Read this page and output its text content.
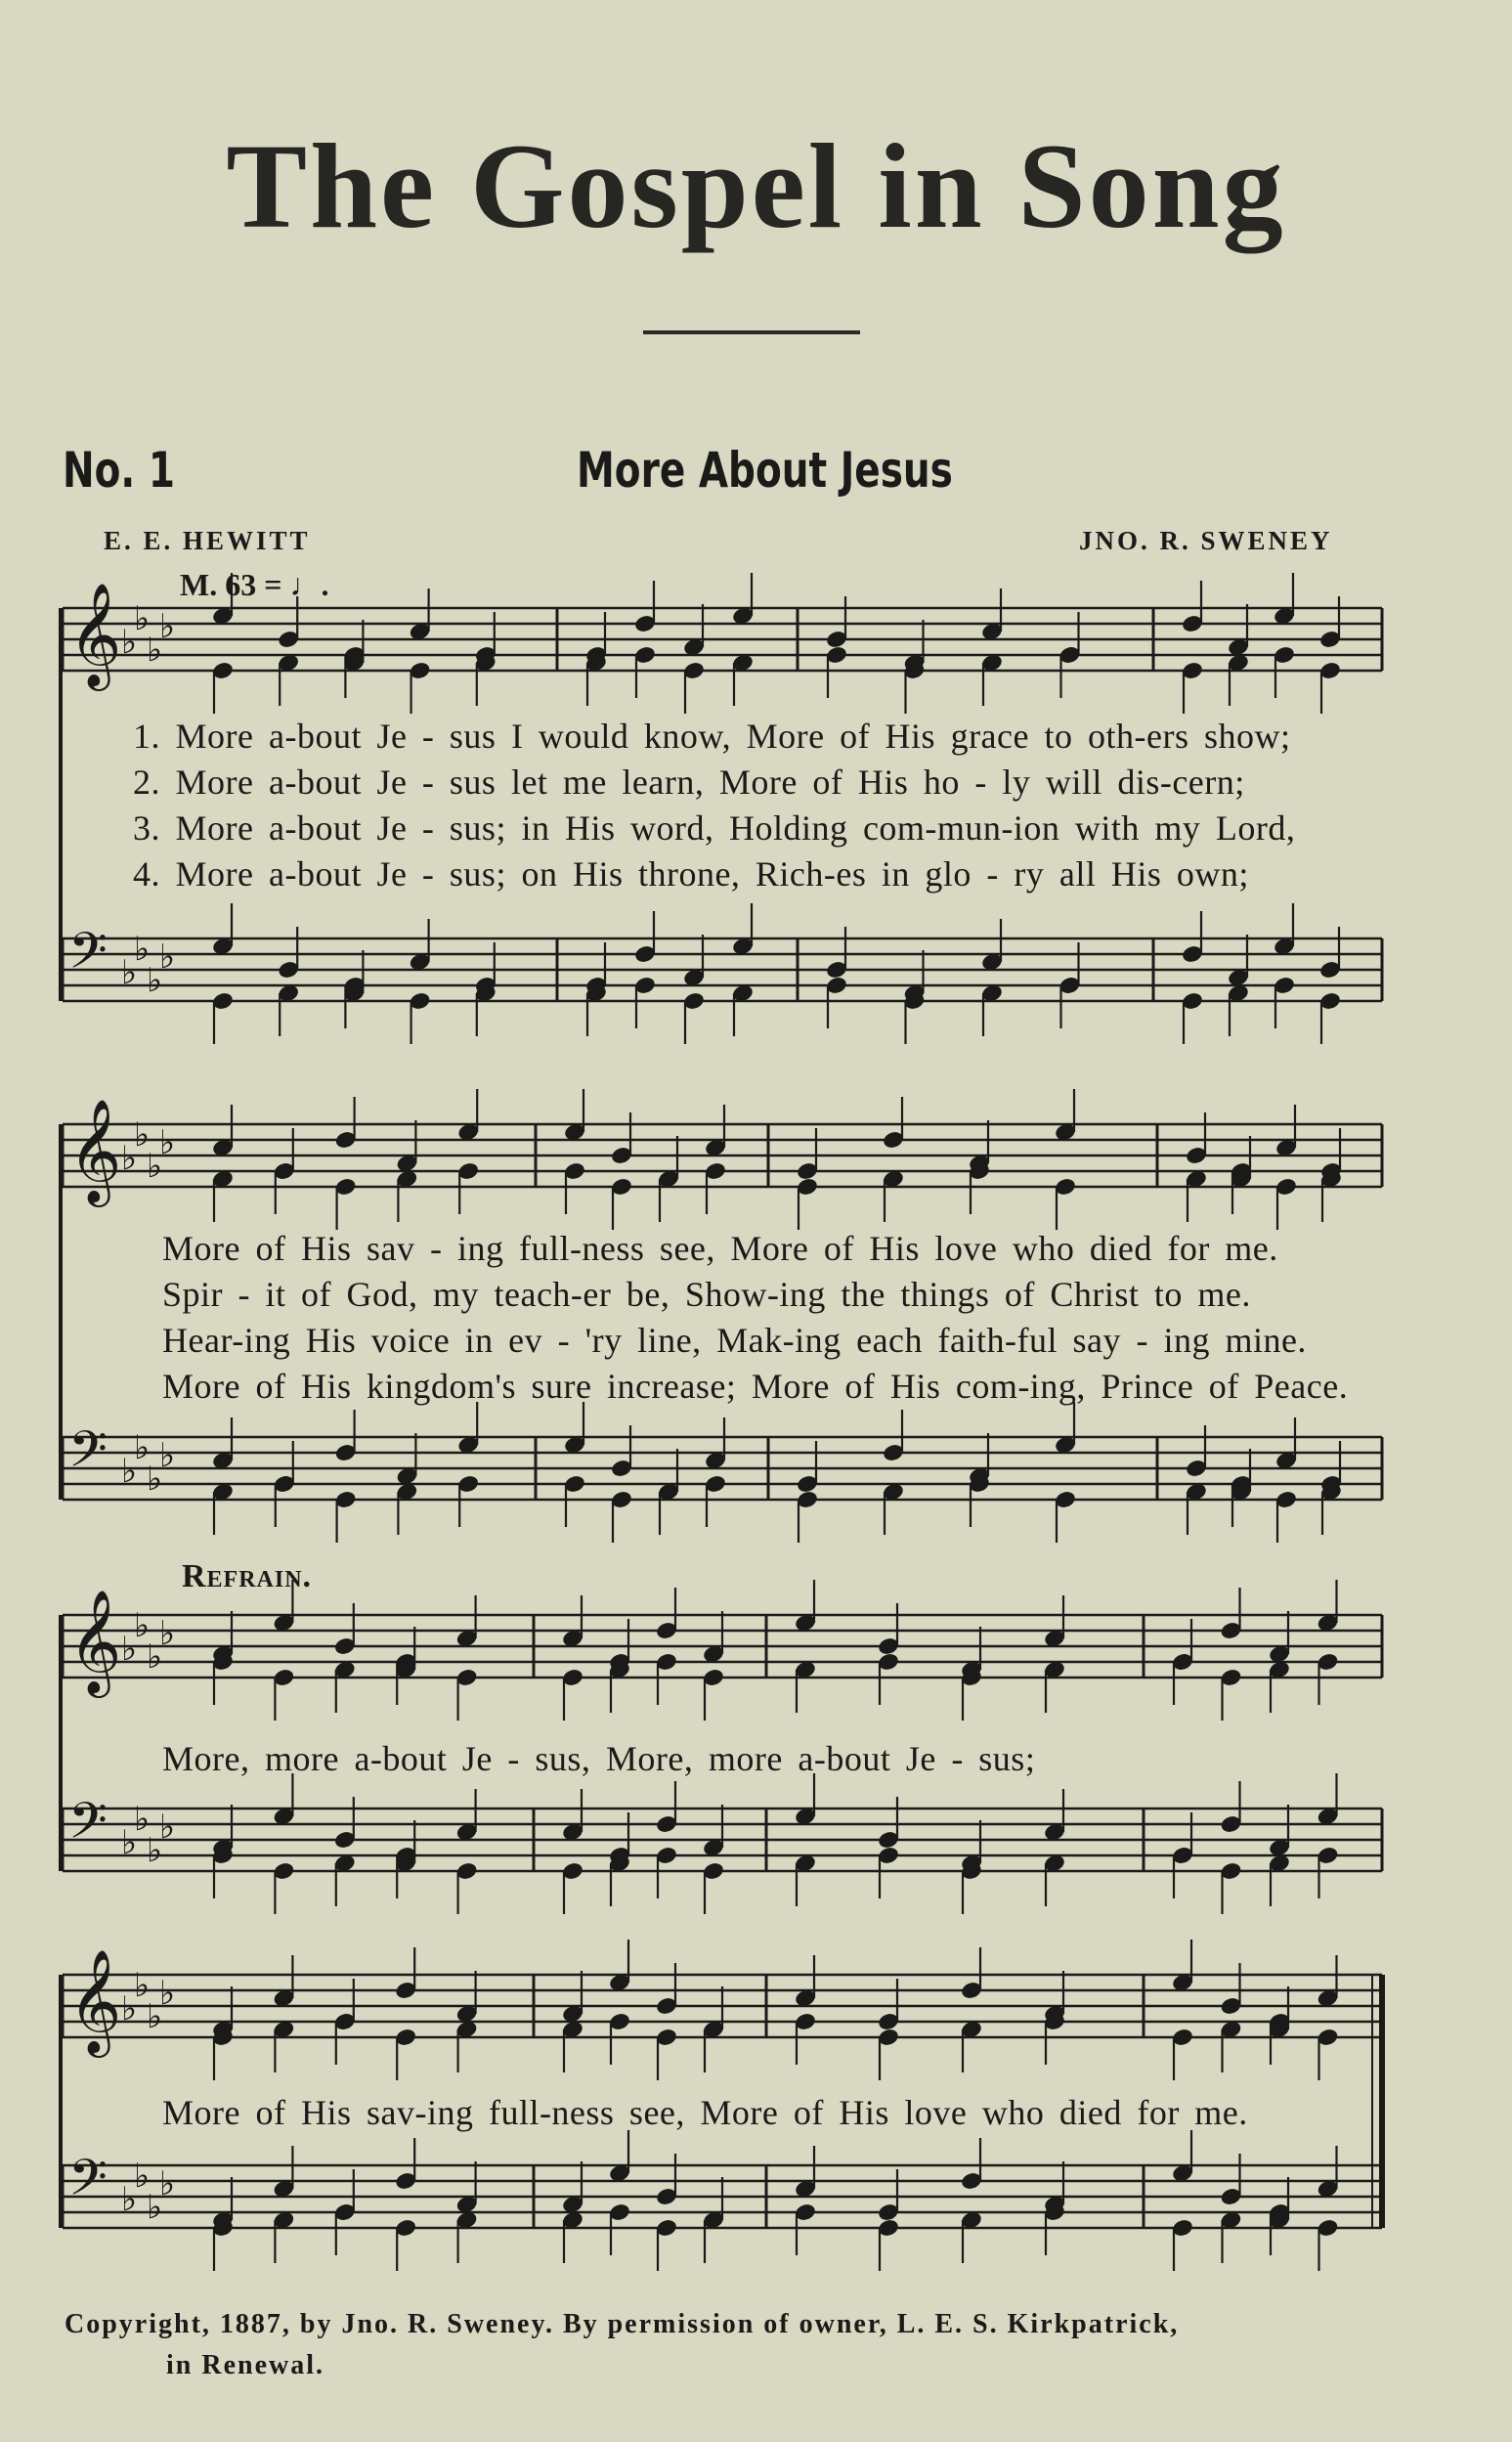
The Gospel in Song
No. 1	More About Jesus
E. E. HEWITT	JNO. R. SWENEY
M. 63 = ♩.
𝄞 ♭
♭
♭
♭
𝄞 ♭
♭
♭
♭
𝄞 ♭
♭
♭
♭
𝄞 ♭
♭
♭
♭
𝄢 ♭
♭
♭
♭
𝄢 ♭
♭
♭
♭
𝄢 ♭
♭
♭
♭
𝄢 ♭
♭
♭
♭
1. More a-bout Je - sus I would know, More of His grace to oth-ers show;
2. More a-bout Je - sus let me learn, More of His ho - ly will dis-cern;
3. More a-bout Je - sus; in His word, Holding com-mun-ion with my Lord,
4. More a-bout Je - sus; on His throne, Rich-es in glo - ry all His own;
More of His sav - ing full-ness see, More of His love who died for me.
Spir - it of God, my teach-er be, Show-ing the things of Christ to me.
Hear-ing His voice in ev - 'ry line, Mak-ing each faith-ful say - ing mine.
More of His kingdom's sure increase; More of His com-ing, Prince of Peace.
Refrain.
More, more a-bout Je - sus, More, more a-bout Je - sus;
More of His sav-ing full-ness see, More of His love who died for me.
Copyright, 1887, by Jno. R. Sweney. By permission of owner, L. E. S. Kirkpatrick,
in Renewal.
